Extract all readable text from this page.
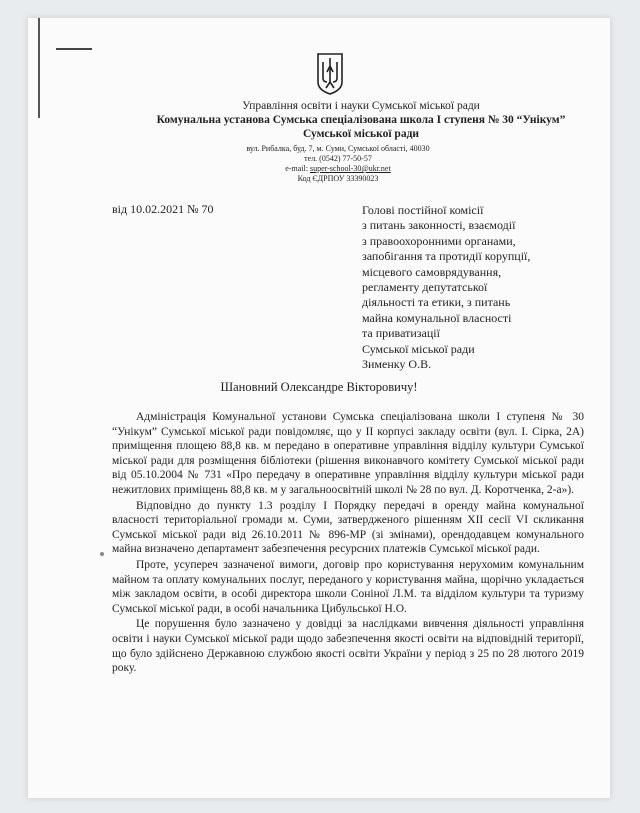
Управління освіти і науки Сумської міської ради
Комунальна установа Сумська спеціалізована школа І ступеня № 30 “Унікум”
Сумської міської ради
вул. Рибалка, буд. 7, м. Суми, Сумської області, 40030
тел. (0542) 77-50-57
e-mail: super-school-30@ukr.net
Код ЄДРПОУ 33390023
від 10.02.2021 № 70	Голові постійної комісії
з питань законності, взаємодії
з правоохоронними органами,
запобігання та протидії корупції,
місцевого самоврядування,
регламенту депутатської
діяльності та етики, з питань
майна комунальної власності
та приватизації
Сумської міської ради
Зименку О.В.
Шановний Олександре Вікторовичу!

Адміністрація Комунальної установи Сумська спеціалізована школи І ступеня № 30 “Унікум” Сумської міської ради повідомляє, що у ІІ корпусі закладу освіти (вул. І. Сірка, 2А) приміщення площею 88,8 кв. м передано в оперативне управління відділу культури Сумської міської ради для розміщення бібліотеки (рішення виконавчого комітету Сумської міської ради від 05.10.2004 № 731 «Про передачу в оперативне управління відділу культури міської ради нежитлових приміщень 88,8 кв. м у загальноосвітній школі № 28 по вул. Д. Коротченка, 2-а»).

Відповідно до пункту 1.3 розділу І Порядку передачі в оренду майна комунальної власності територіальної громади м. Суми, затвердженого рішенням XII сесії VI скликання Сумської міської ради від 26.10.2011 № 896-МР (зі змінами), орендодавцем комунального майна визначено департамент забезпечення ресурсних платежів Сумської міської ради.

Проте, усупереч зазначеної вимоги, договір про користування нерухомим комунальним майном та оплату комунальних послуг, переданого у користування майна, щорічно укладається між закладом освіти, в особі директора школи Соніної Л.М. та відділом культури та туризму Сумської міської ради, в особі начальника Цибульської Н.О.

Це порушення було зазначено у довідці за наслідками вивчення діяльності управління освіти і науки Сумської міської ради щодо забезпечення якості освіти на відповідній території, що було здійснено Державною службою якості освіти України у період з 25 по 28 лютого 2019 року.
